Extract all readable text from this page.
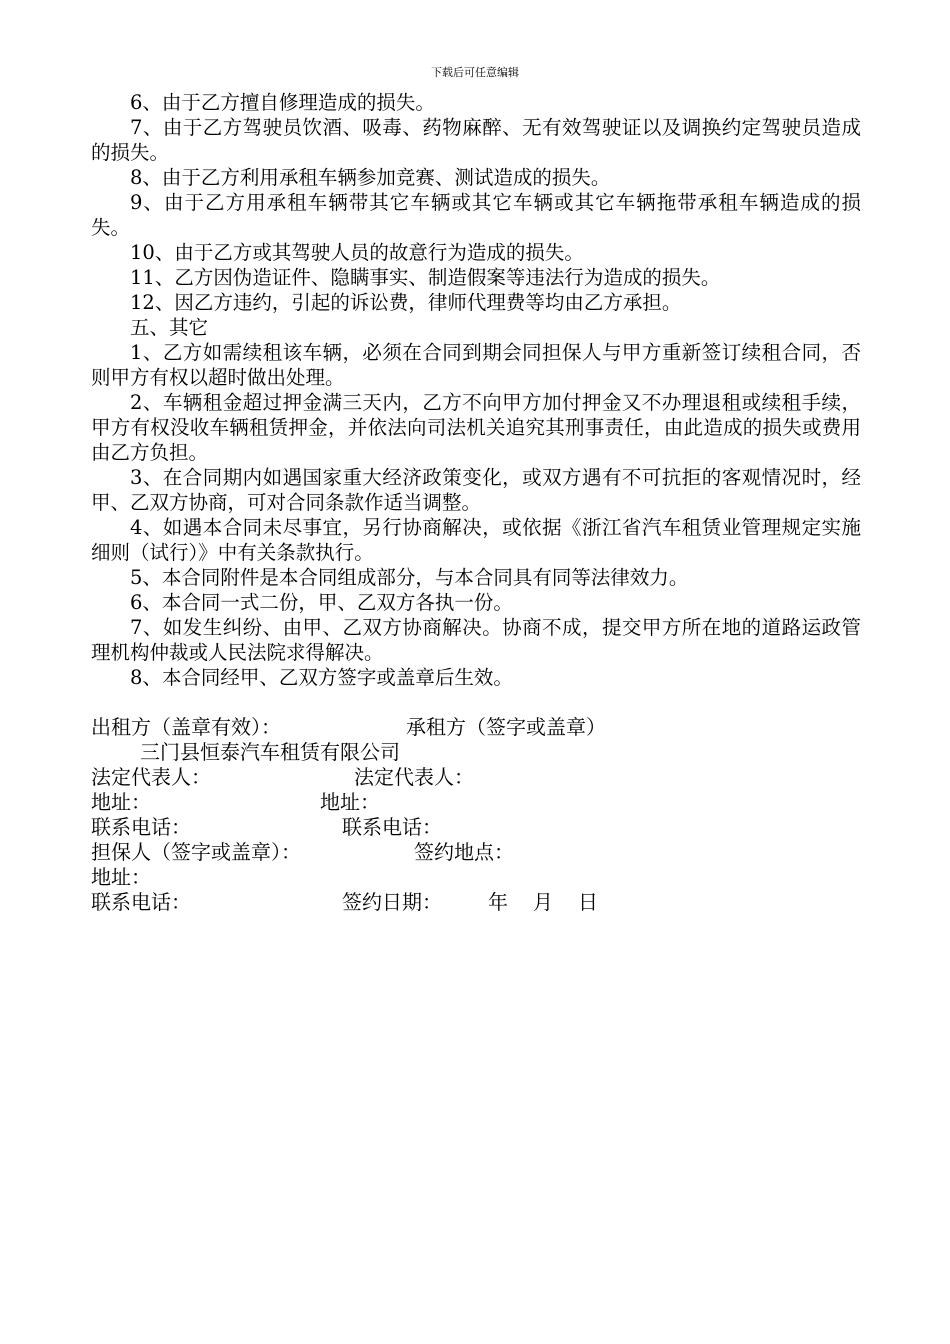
下载后可任意编辑

6、由于乙方擅自修理造成的损失。

7、由于乙方驾驶员饮酒、吸毒、药物麻醉、无有效驾驶证以及调换约定驾驶员造成的损失。

8、由于乙方利用承租车辆参加竞赛、测试造成的损失。

9、由于乙方用承租车辆带其它车辆或其它车辆或其它车辆拖带承租车辆造成的损失。

10、由于乙方或其驾驶人员的故意行为造成的损失。

11、乙方因伪造证件、隐瞒事实、制造假案等违法行为造成的损失。

12、因乙方违约，引起的诉讼费，律师代理费等均由乙方承担。

五、其它

1、乙方如需续租该车辆，必须在合同到期会同担保人与甲方重新签订续租合同，否则甲方有权以超时做出处理。

2、车辆租金超过押金满三天内，乙方不向甲方加付押金又不办理退租或续租手续，甲方有权没收车辆租赁押金，并依法向司法机关追究其刑事责任，由此造成的损失或费用由乙方负担。

3、在合同期内如遇国家重大经济政策变化，或双方遇有不可抗拒的客观情况时，经甲、乙双方协商，可对合同条款作适当调整。

4、如遇本合同未尽事宜，另行协商解决，或依据《浙江省汽车租赁业管理规定实施细则（试行）》中有关条款执行。

5、本合同附件是本合同组成部分，与本合同具有同等法律效力。

6、本合同一式二份，甲、乙双方各执一份。

7、如发生纠纷、由甲、乙双方协商解决。协商不成，提交甲方所在地的道路运政管理机构仲裁或人民法院求得解决。

8、本合同经甲、乙双方签字或盖章后生效。

出租方（盖章有效）：	承租方（签字或盖章）
三门县恒泰汽车租赁有限公司
法定代表人：	法定代表人：
地址：	地址：
联系电话：	联系电话：
担保人（签字或盖章）：	签约地点：
地址：
联系电话：	签约日期： 年 月 日
